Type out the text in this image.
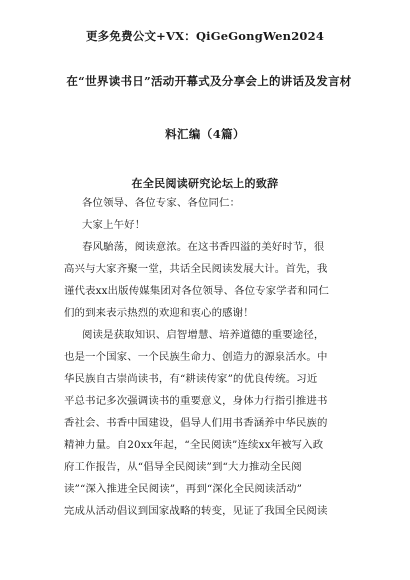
更多免费公文+VX：QiGeGongWen2024
在“世界读书日”活动开幕式及分享会上的讲话及发言材
料汇编（4篇）
在全民阅读研究论坛上的致辞
各位领导、各位专家、各位同仁：
大家上午好！
春风駘荡，阅读意浓。在这书香四溢的美好时节，很
高兴与大家齐聚一堂，共话全民阅读发展大计。首先，我
谨代表xx出版传媒集团对各位领导、各位专家学者和同仁
们的到来表示热烈的欢迎和衷心的感谢！
阅读是获取知识、启智增慧、培养道德的重要途径，
也是一个国家、一个民族生命力、创造力的源泉活水。中
华民族自古崇尚读书，有“耕读传家”的优良传统。习近
平总书记多次强调读书的重要意义，身体力行指引推进书
香社会、书香中国建设，倡导人们用书香涵养中华民族的
精神力量。自20xx年起，“全民阅读”连续xx年被写入政
府工作报告，从“倡导全民阅读”到“大力推动全民阅
读”“深入推进全民阅读”，再到“深化全民阅读活动”
完成从活动倡议到国家战略的转变，见证了我国全民阅读
